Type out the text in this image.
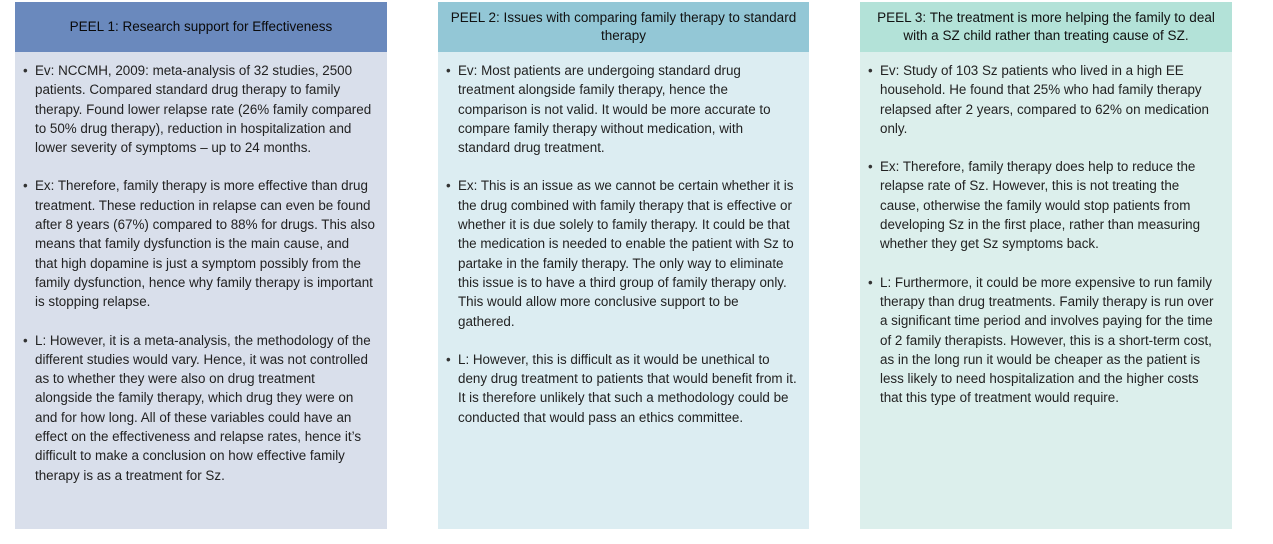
PEEL 1: Research support for Effectiveness
• Ev: NCCMH, 2009: meta-analysis of 32 studies, 2500 patients. Compared standard drug therapy to family therapy. Found lower relapse rate (26% family compared to 50% drug therapy), reduction in hospitalization and lower severity of symptoms – up to 24 months.
• Ex: Therefore, family therapy is more effective than drug treatment. These reduction in relapse can even be found after 8 years (67%) compared to 88% for drugs. This also means that family dysfunction is the main cause, and that high dopamine is just a symptom possibly from the family dysfunction, hence why family therapy is important is stopping relapse.
• L: However, it is a meta-analysis, the methodology of the different studies would vary. Hence, it was not controlled as to whether they were also on drug treatment alongside the family therapy, which drug they were on and for how long. All of these variables could have an effect on the effectiveness and relapse rates, hence it’s difficult to make a conclusion on how effective family therapy is as a treatment for Sz.
PEEL 2: Issues with comparing family therapy to standard therapy
• Ev: Most patients are undergoing standard drug treatment alongside family therapy, hence the comparison is not valid. It would be more accurate to compare family therapy without medication, with standard drug treatment.
• Ex: This is an issue as we cannot be certain whether it is the drug combined with family therapy that is effective or whether it is due solely to family therapy. It could be that the medication is needed to enable the patient with Sz to partake in the family therapy. The only way to eliminate this issue is to have a third group of family therapy only. This would allow more conclusive support to be gathered.
• L: However, this is difficult as it would be unethical to deny drug treatment to patients that would benefit from it. It is therefore unlikely that such a methodology could be conducted that would pass an ethics committee.
PEEL 3: The treatment is more helping the family to deal with a SZ child rather than treating cause of SZ.
• Ev: Study of 103 Sz patients who lived in a high EE household. He found that 25% who had family therapy relapsed after 2 years, compared to 62% on medication only.
• Ex: Therefore, family therapy does help to reduce the relapse rate of Sz. However, this is not treating the cause, otherwise the family would stop patients from developing Sz in the first place, rather than measuring whether they get Sz symptoms back.
• L: Furthermore, it could be more expensive to run family therapy than drug treatments. Family therapy is run over a significant time period and involves paying for the time of 2 family therapists. However, this is a short-term cost, as in the long run it would be cheaper as the patient is less likely to need hospitalization and the higher costs that this type of treatment would require.
